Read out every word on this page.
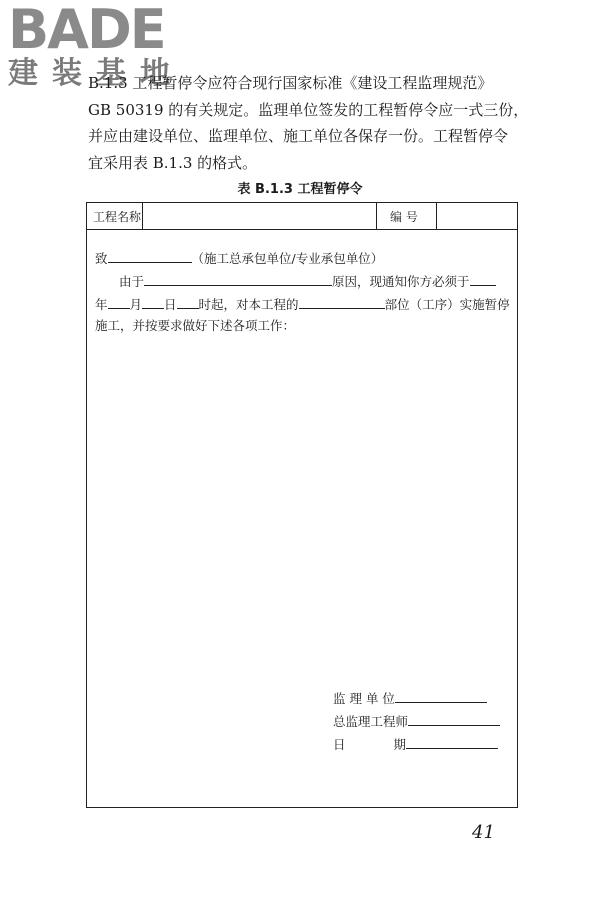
BADE
建装基地
B.1.3 工程暂停令应符合现行国家标准《建设工程监理规范》
GB 50319 的有关规定。监理单位签发的工程暂停令应一式三份，
并应由建设单位、监理单位、施工单位各保存一份。工程暂停令
宜采用表 B.1.3 的格式。
表 B.1.3 工程暂停令
工程名称	编 号
致	（施工总承包单位/专业承包单位）
由于	原因，现通知你方必须于
年 月 日 时起，对本工程的	部位（工序）实施暂停
施工，并按要求做好下述各项工作：
监 理 单 位
总监理工程师
日	期
41
